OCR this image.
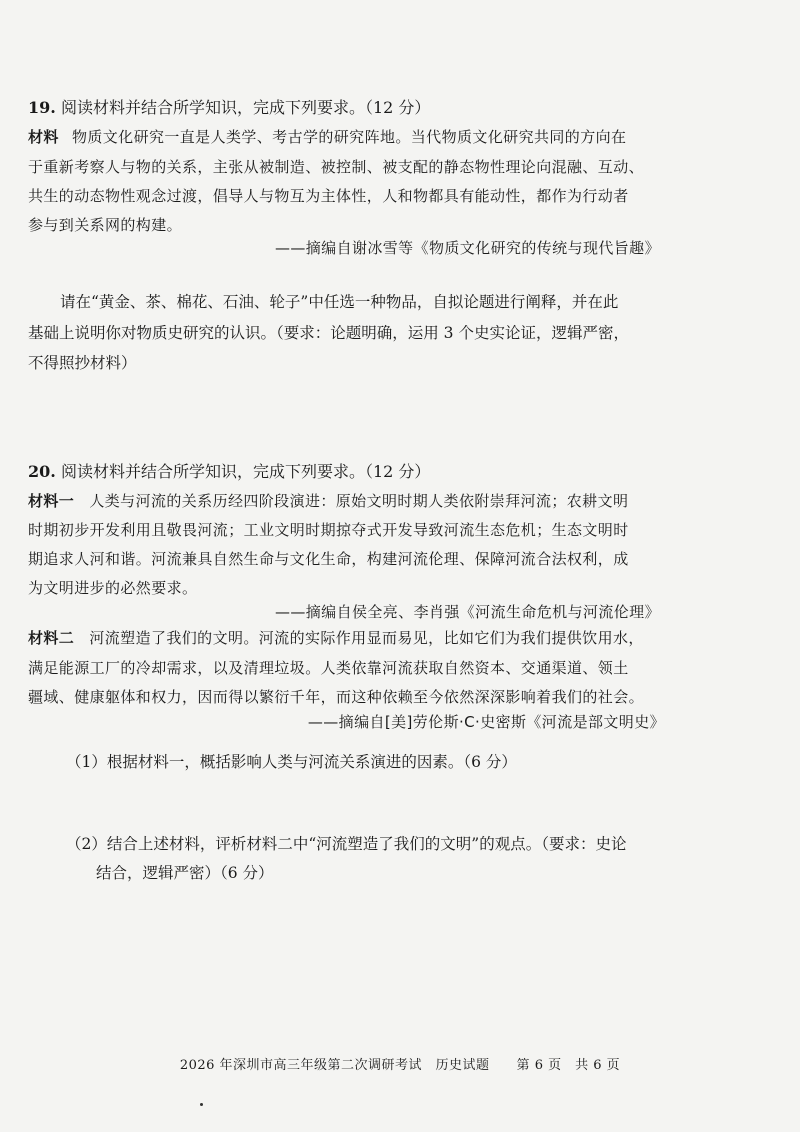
19. 阅读材料并结合所学知识，完成下列要求。（12 分）
材料 物质文化研究一直是人类学、考古学的研究阵地。当代物质文化研究共同的方向在
于重新考察人与物的关系，主张从被制造、被控制、被支配的静态物性理论向混融、互动、
共生的动态物性观念过渡，倡导人与物互为主体性，人和物都具有能动性，都作为行动者
参与到关系网的构建。
——摘编自谢冰雪等《物质文化研究的传统与现代旨趣》
请在“黄金、茶、棉花、石油、轮子”中任选一种物品，自拟论题进行阐释，并在此
基础上说明你对物质史研究的认识。（要求：论题明确，运用 3 个史实论证，逻辑严密，
不得照抄材料）
20. 阅读材料并结合所学知识，完成下列要求。（12 分）
材料一 人类与河流的关系历经四阶段演进：原始文明时期人类依附崇拜河流；农耕文明
时期初步开发利用且敬畏河流；工业文明时期掠夺式开发导致河流生态危机；生态文明时
期追求人河和谐。河流兼具自然生命与文化生命，构建河流伦理、保障河流合法权利，成
为文明进步的必然要求。
——摘编自侯全亮、李肖强《河流生命危机与河流伦理》
材料二 河流塑造了我们的文明。河流的实际作用显而易见，比如它们为我们提供饮用水，
满足能源工厂的冷却需求，以及清理垃圾。人类依靠河流获取自然资本、交通渠道、领土
疆域、健康躯体和权力，因而得以繁衍千年，而这种依赖至今依然深深影响着我们的社会。
——摘编自[美]劳伦斯·C·史密斯《河流是部文明史》
（1）根据材料一，概括影响人类与河流关系演进的因素。（6 分）
（2）结合上述材料，评析材料二中“河流塑造了我们的文明”的观点。（要求：史论
结合，逻辑严密）（6 分）
2026 年深圳市高三年级第二次调研考试　历史试题　　第 6 页　共 6 页
